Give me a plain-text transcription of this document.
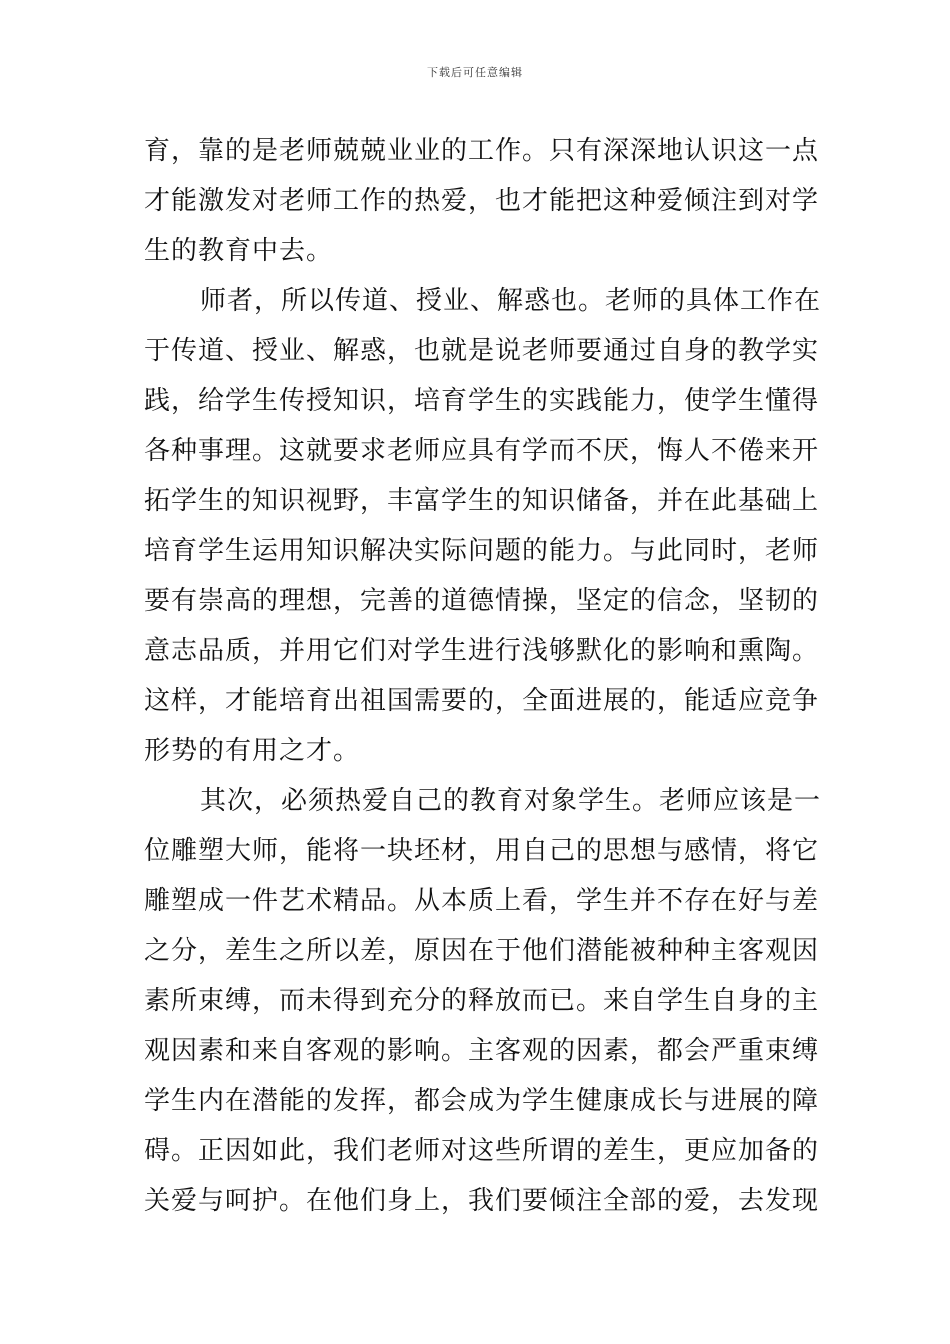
下载后可任意编辑
育，靠的是老师兢兢业业的工作。只有深深地认识这一点
才能激发对老师工作的热爱，也才能把这种爱倾注到对学
生的教育中去。
师者，所以传道、授业、解惑也。老师的具体工作在
于传道、授业、解惑，也就是说老师要通过自身的教学实
践，给学生传授知识，培育学生的实践能力，使学生懂得
各种事理。这就要求老师应具有学而不厌，悔人不倦来开
拓学生的知识视野，丰富学生的知识储备，并在此基础上
培育学生运用知识解决实际问题的能力。与此同时，老师
要有崇高的理想，完善的道德情操，坚定的信念，坚韧的
意志品质，并用它们对学生进行浅够默化的影响和熏陶。
这样，才能培育出祖国需要的，全面进展的，能适应竞争
形势的有用之才。
其次，必须热爱自己的教育对象学生。老师应该是一
位雕塑大师，能将一块坯材，用自己的思想与感情，将它
雕塑成一件艺术精品。从本质上看，学生并不存在好与差
之分，差生之所以差，原因在于他们潜能被种种主客观因
素所束缚，而未得到充分的释放而已。来自学生自身的主
观因素和来自客观的影响。主客观的因素，都会严重束缚
学生内在潜能的发挥，都会成为学生健康成长与进展的障
碍。正因如此，我们老师对这些所谓的差生，更应加备的
关爱与呵护。在他们身上，我们要倾注全部的爱，去发现
